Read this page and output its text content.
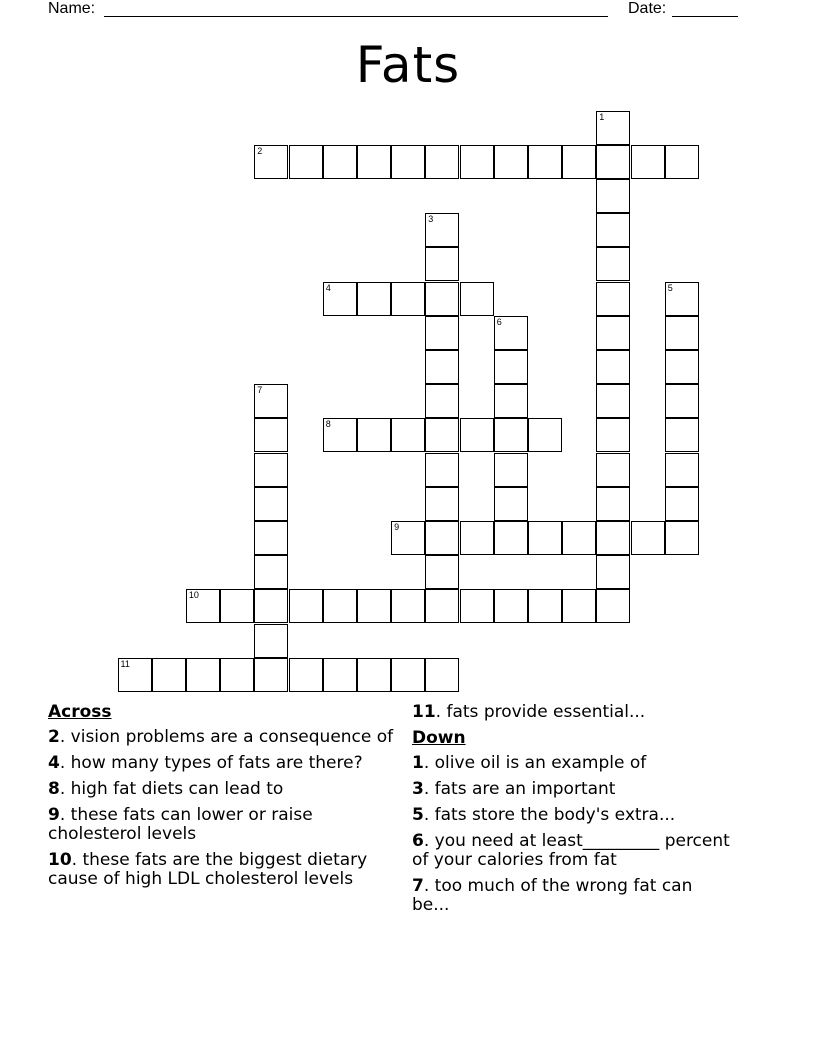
Name:	Date:
Fats
1
2
3
4	5
6
7
8
9
10
11
Across
2. vision problems are a consequence of
4. how many types of fats are there?
8. high fat diets can lead to
9. these fats can lower or raise cholesterol levels
10. these fats are the biggest dietary cause of high LDL cholesterol levels
11. fats provide essential...
Down
1. olive oil is an example of
3. fats are an important
5. fats store the body's extra...
6. you need at least_________ percent of your calories from fat
7. too much of the wrong fat can be...
